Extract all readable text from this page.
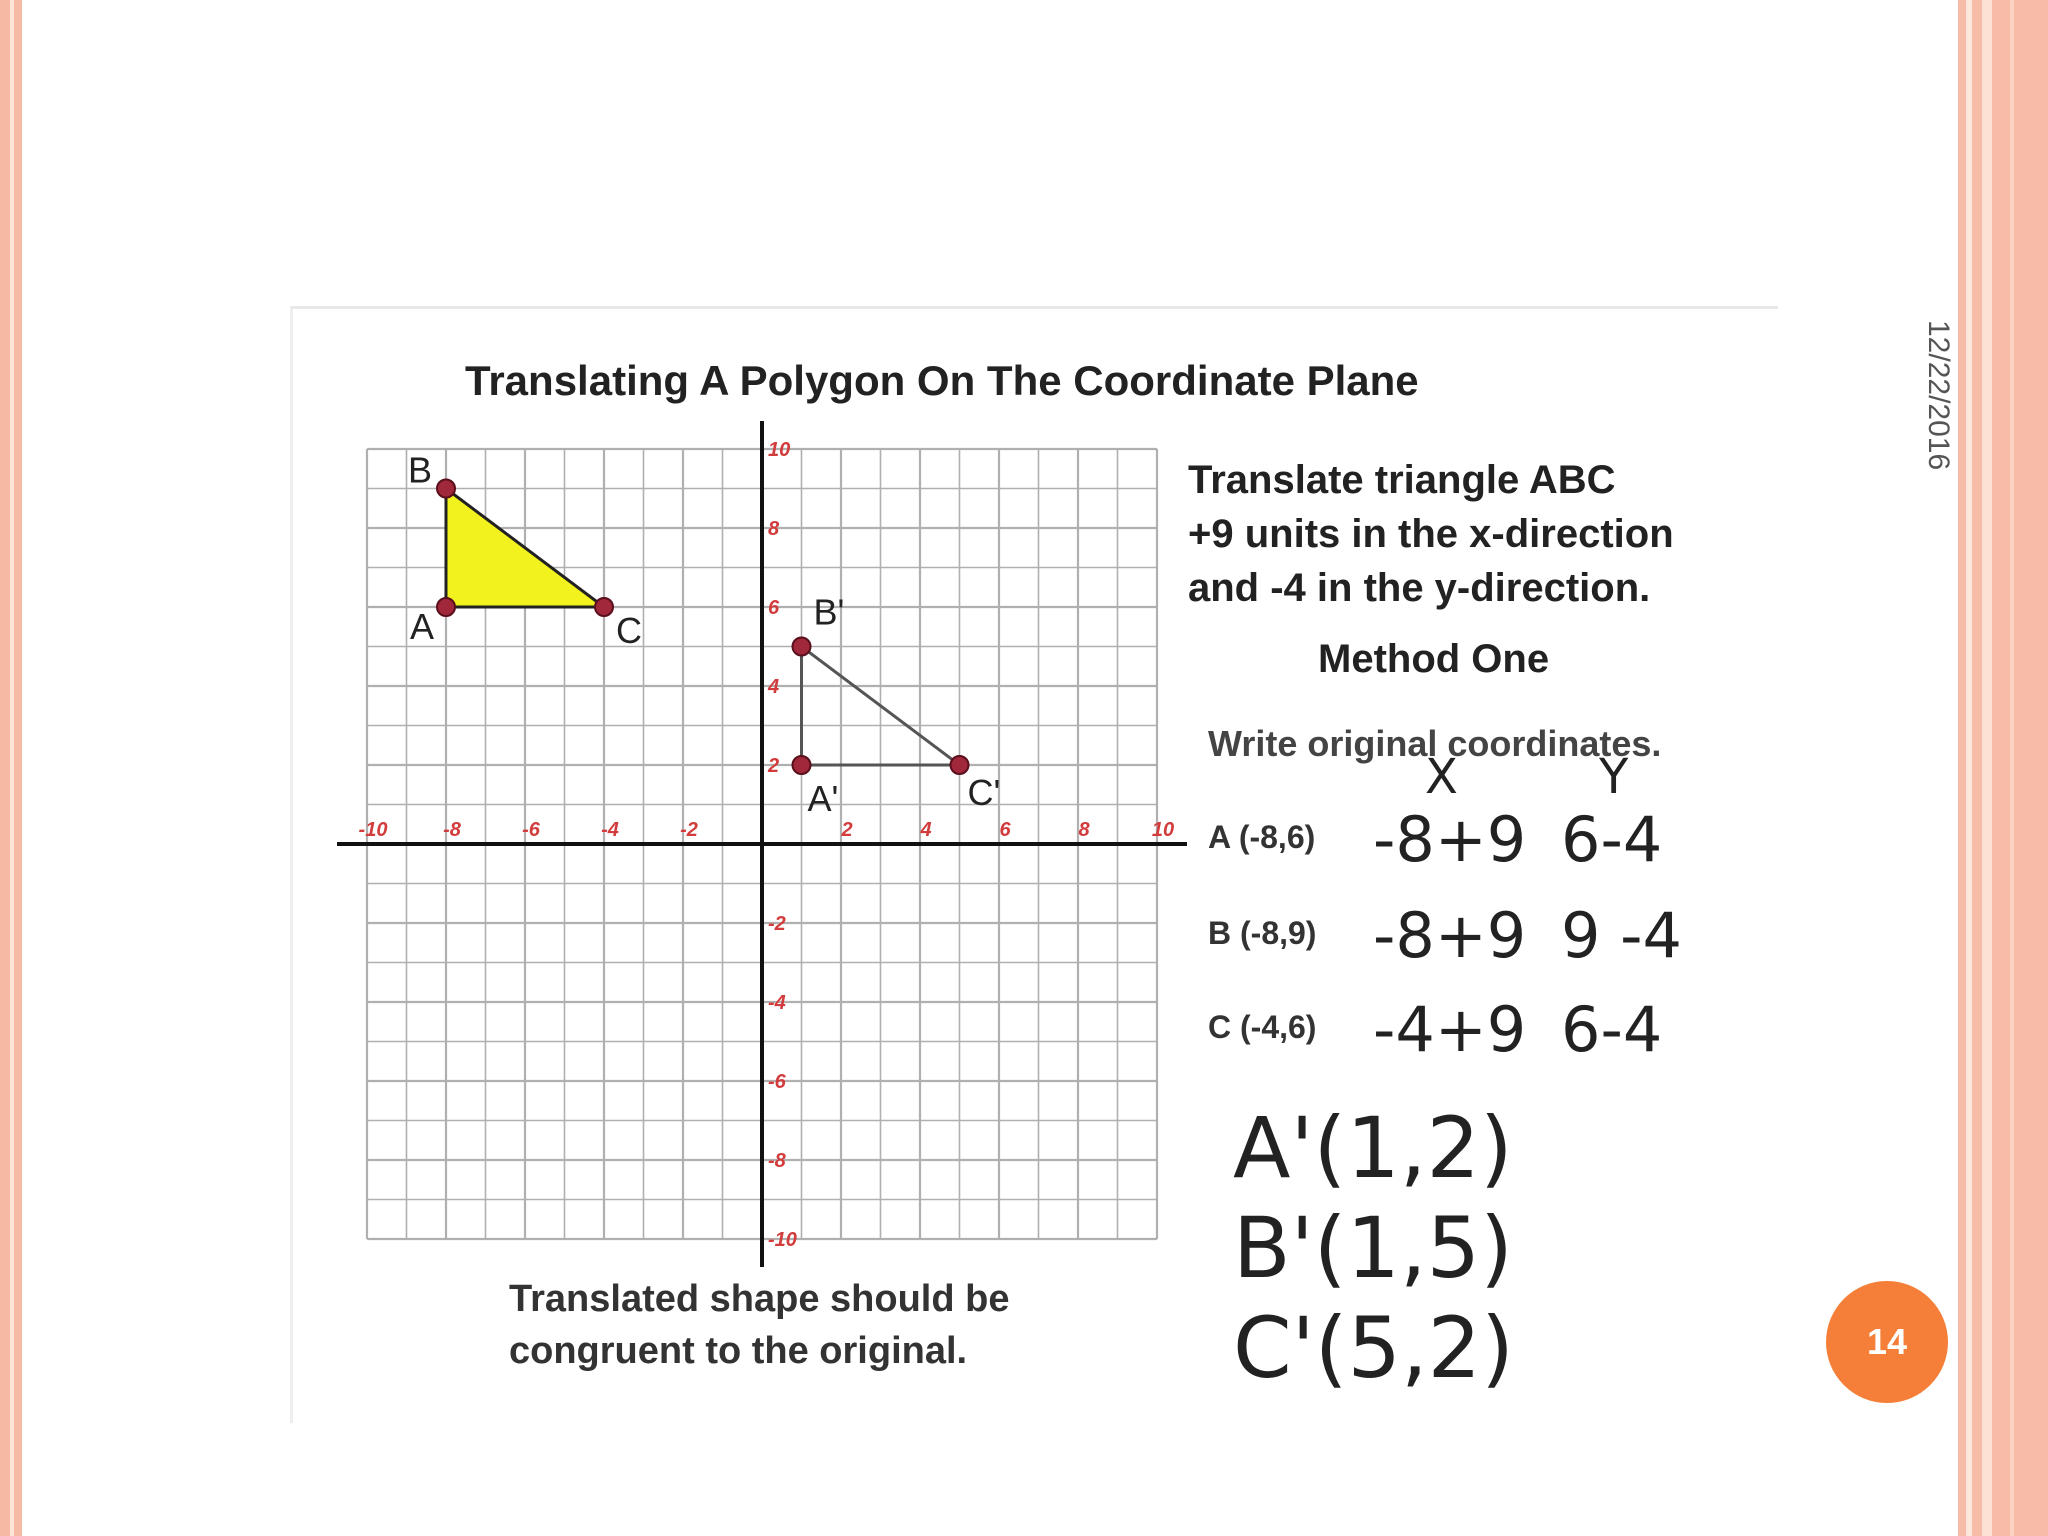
12/22/2016
14
-10	-8	-6	-4	-2	2	4	6	8	10
10
8
6
4
2
-2
-4
-6
-8
-10
A
B
C
A'
B'
C'
Translating A Polygon On The Coordinate Plane
Translate triangle ABC
+9 units in the x-direction
and -4 in the y-direction.
Method One
Write original coordinates.
X	Y
A (-8,6) -8+9 6-4
B (-8,9) -8+9 9 -4
C (-4,6) -4+9 6-4
A'(1,2)
B'(1,5)
C'(5,2)
Translated shape should be
congruent to the original.
